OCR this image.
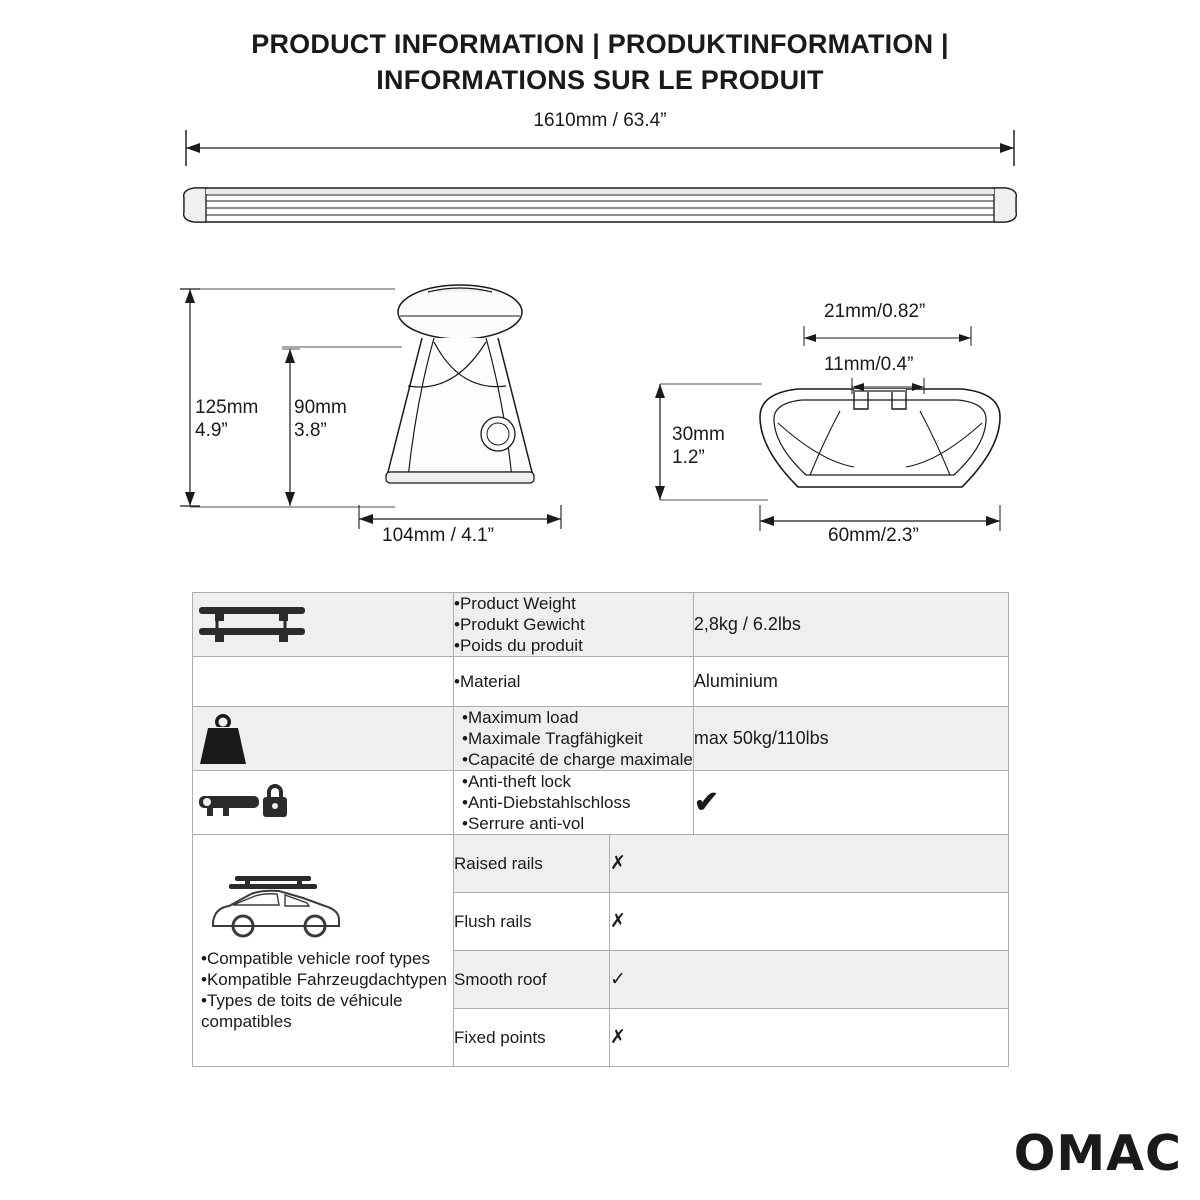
PRODUCT INFORMATION | PRODUKTINFORMATION |
INFORMATIONS SUR LE PRODUIT
1610mm / 63.4”
125mm
4.9”
90mm
3.8”
104mm / 4.1”
21mm/0.82”
11mm/0.4”
30mm
1.2”
60mm/2.3”

•Product Weight
•Produkt Gewicht
•Poids du produit
	2,8kg / 6.2lbs

•Material	Aluminium

•Maximum load
•Maximale Tragfähigkeit
•Capacité de charge maximale
	max 50kg/110lbs

•Anti-theft lock
•Anti-Diebstahlschloss
•Serrure anti-vol
	✔

•Compatible vehicle roof types
•Kompatible Fahrzeugdachtypen
•Types de toits de véhicule
compatibles

Raised rails	✗
Flush rails	✗
Smooth roof	✓
Fixed points	✗
OMAC
